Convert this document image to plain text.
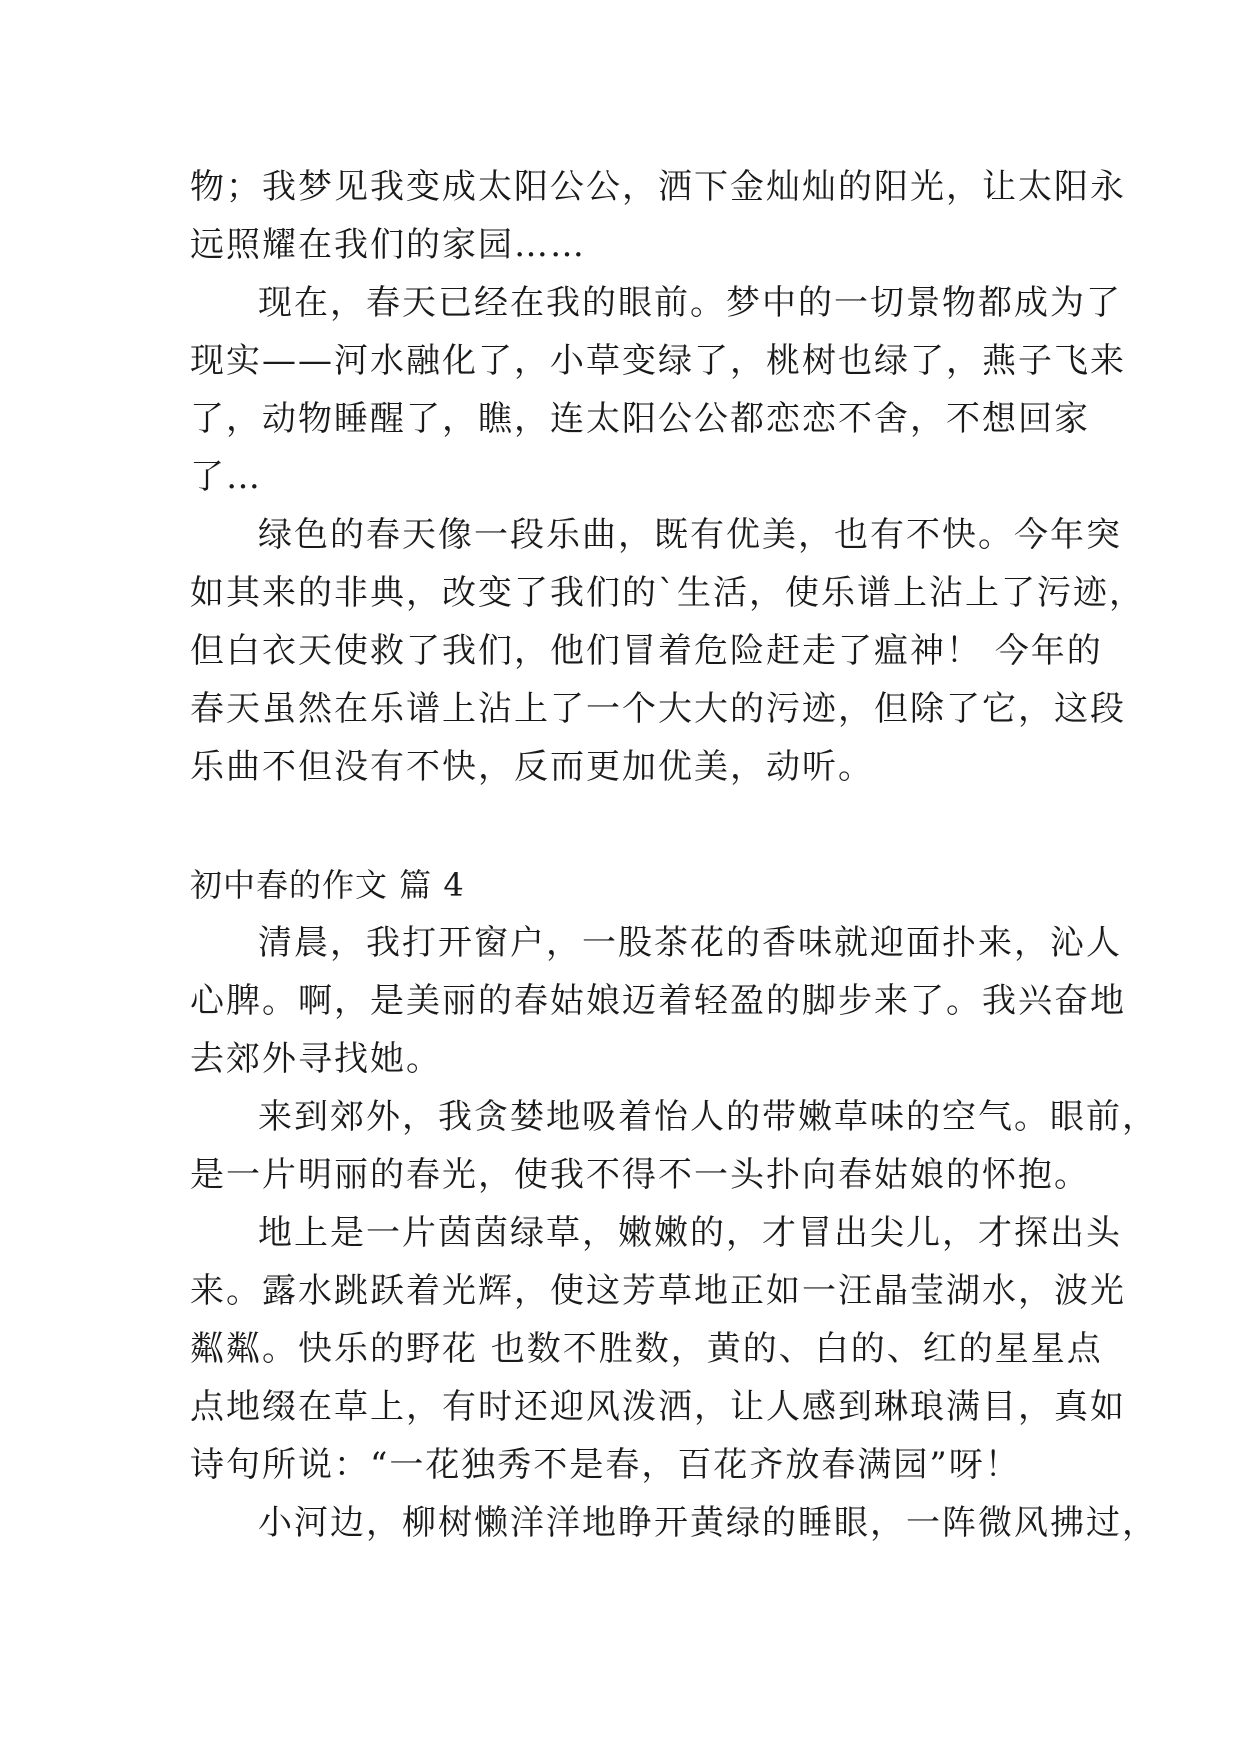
物；我梦见我变成太阳公公，洒下金灿灿的阳光，让太阳永
远照耀在我们的家园……
现在，春天已经在我的眼前。梦中的一切景物都成为了
现实——河水融化了，小草变绿了，桃树也绿了，燕子飞来
了，动物睡醒了，瞧，连太阳公公都恋恋不舍，不想回家
了…
绿色的春天像一段乐曲，既有优美，也有不快。今年突
如其来的非典，改变了我们的`生活，使乐谱上沾上了污迹，
但白衣天使救了我们，他们冒着危险赶走了瘟神！ 今年的
春天虽然在乐谱上沾上了一个大大的污迹，但除了它，这段
乐曲不但没有不快，反而更加优美，动听。
初中春的作文 篇 4
清晨，我打开窗户，一股茶花的香味就迎面扑来，沁人
心脾。啊，是美丽的春姑娘迈着轻盈的脚步来了。我兴奋地
去郊外寻找她。
来到郊外，我贪婪地吸着怡人的带嫩草味的空气。眼前，
是一片明丽的春光，使我不得不一头扑向春姑娘的怀抱。
地上是一片茵茵绿草，嫩嫩的，才冒出尖儿，才探出头
来。露水跳跃着光辉，使这芳草地正如一汪晶莹湖水，波光
粼粼。快乐的野花 也数不胜数，黄的、白的、红的星星点
点地缀在草上，有时还迎风泼洒，让人感到琳琅满目，真如
诗句所说：“一花独秀不是春，百花齐放春满园”呀！
小河边，柳树懒洋洋地睁开黄绿的睡眼，一阵微风拂过，
